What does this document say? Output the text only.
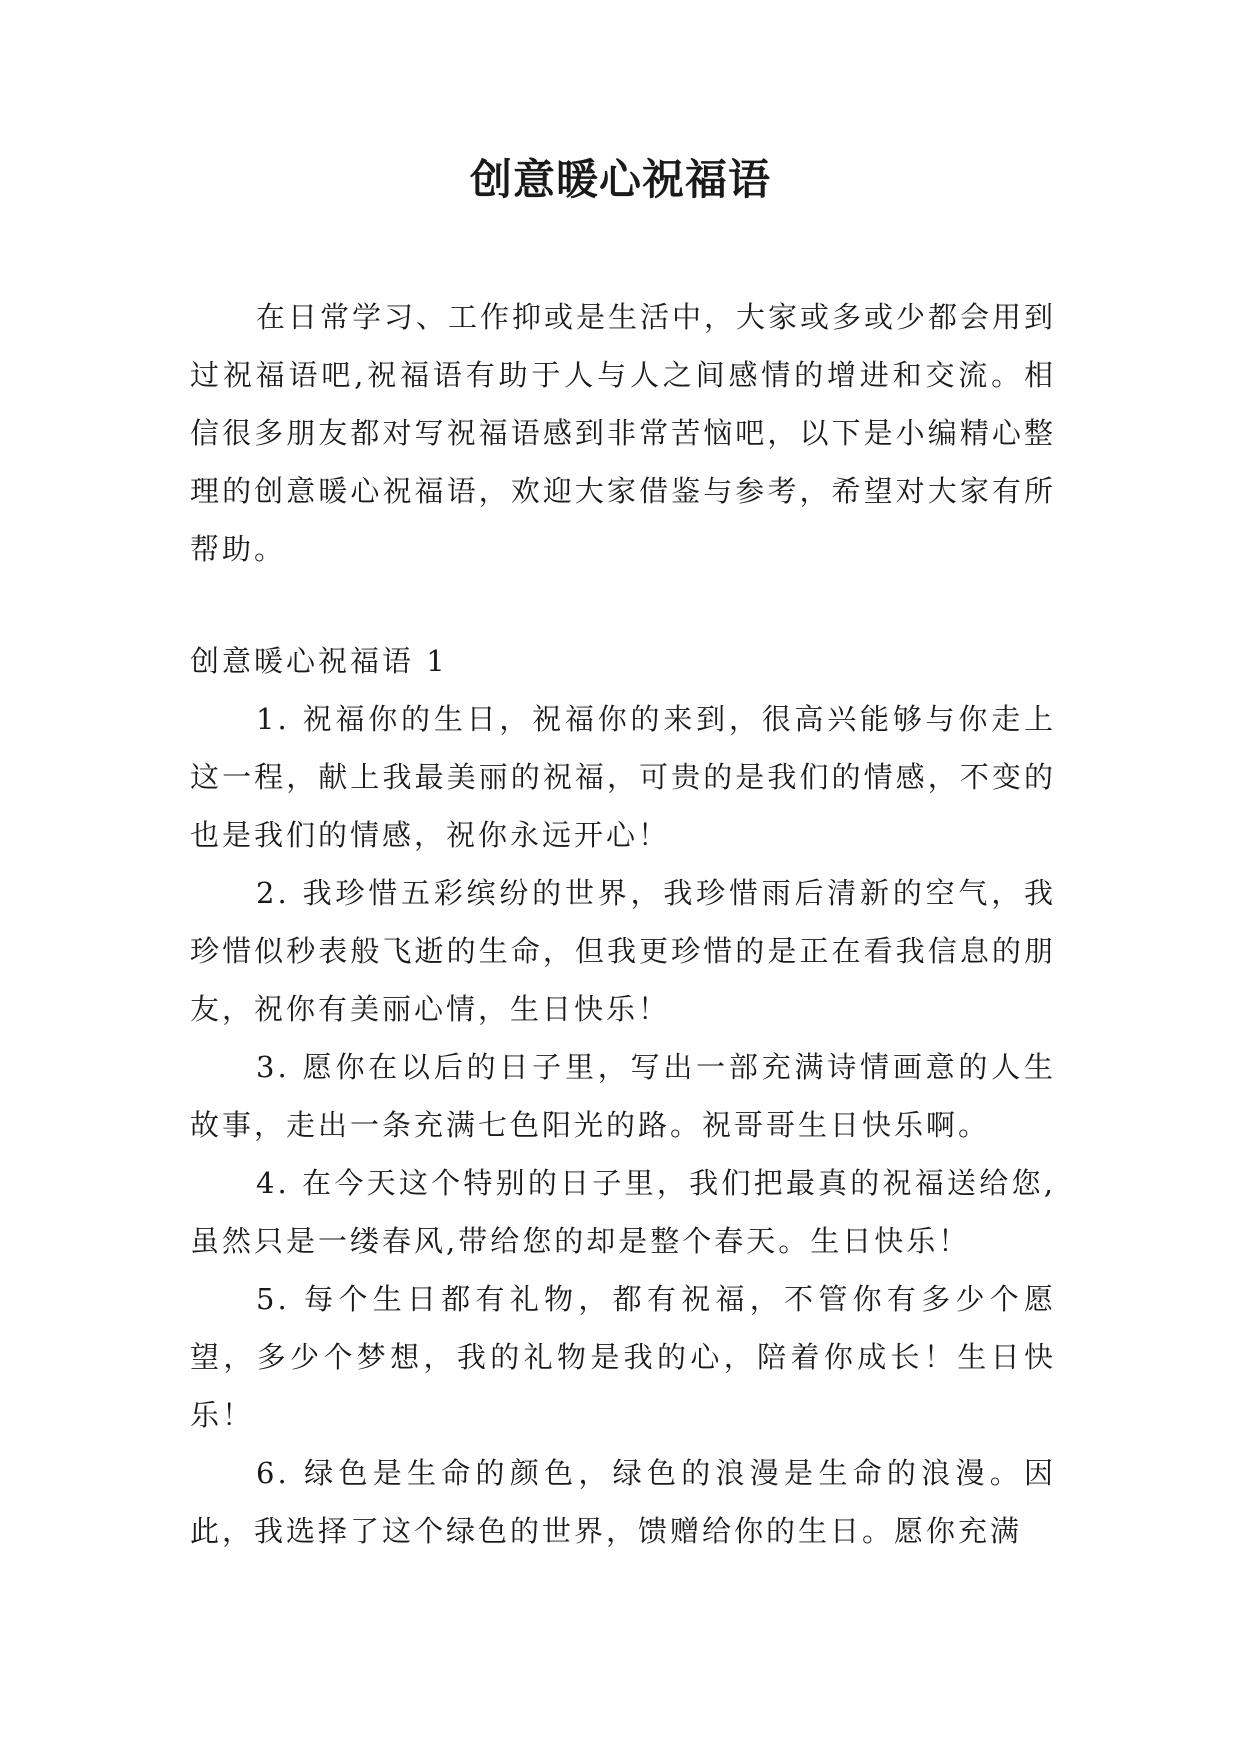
创意暖心祝福语

在日常学习、工作抑或是生活中，大家或多或少都会用到过祝福语吧,祝福语有助于人与人之间感情的增进和交流。相信很多朋友都对写祝福语感到非常苦恼吧，以下是小编精心整理的创意暖心祝福语，欢迎大家借鉴与参考，希望对大家有所帮助。

创意暖心祝福语 1

1. 祝福你的生日，祝福你的来到，很高兴能够与你走上这一程，献上我最美丽的祝福，可贵的是我们的情感，不变的也是我们的情感，祝你永远开心！

2. 我珍惜五彩缤纷的世界，我珍惜雨后清新的空气，我珍惜似秒表般飞逝的生命，但我更珍惜的是正在看我信息的朋友，祝你有美丽心情，生日快乐！

3. 愿你在以后的日子里，写出一部充满诗情画意的人生故事，走出一条充满七色阳光的路。祝哥哥生日快乐啊。

4. 在今天这个特别的日子里，我们把最真的祝福送给您,虽然只是一缕春风,带给您的却是整个春天。生日快乐！

5. 每个生日都有礼物，都有祝福，不管你有多少个愿望，多少个梦想，我的礼物是我的心，陪着你成长！生日快乐！

6. 绿色是生命的颜色，绿色的浪漫是生命的浪漫。因此，我选择了这个绿色的世界，馈赠给你的生日。愿你充满
